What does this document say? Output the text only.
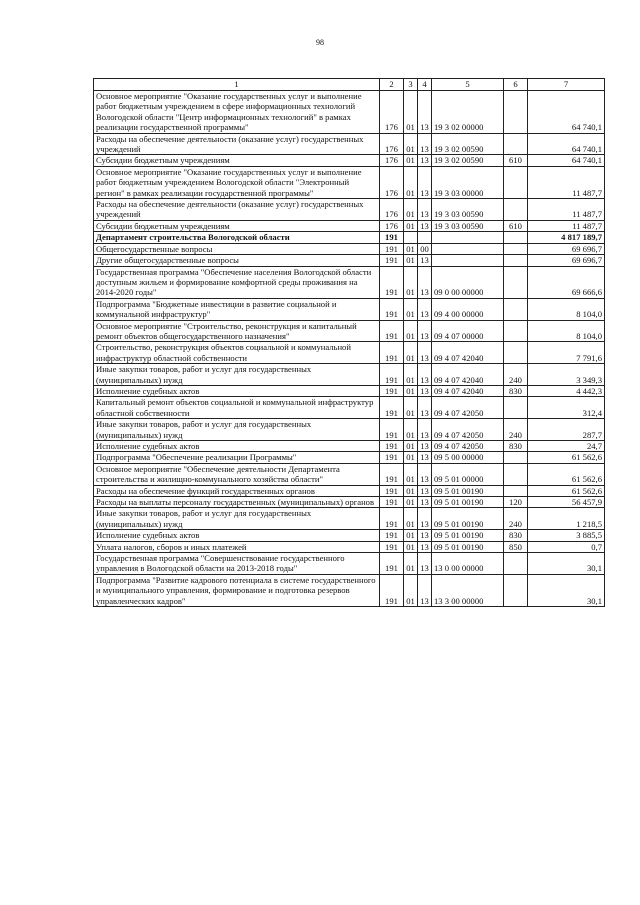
98
1	2	3	4	5	6	7
Основное мероприятие "Оказание государственных услуг и выполнение работ бюджетным учреждением в сфере информационных технологий Вологодской области "Центр информационных технологий" в рамках реализации государственной программы"	176	01	13	19 3 02 00000		64 740,1
Расходы на обеспечение деятельности (оказание услуг) государственных учреждений	176	01	13	19 3 02 00590		64 740,1
Субсидии бюджетным учреждениям	176	01	13	19 3 02 00590	610	64 740,1
Основное мероприятие "Оказание государственных услуг и выполнение работ бюджетным учреждением Вологодской области "Электронный регион" в рамках реализации государственной программы"	176	01	13	19 3 03 00000		11 487,7
Расходы на обеспечение деятельности (оказание услуг) государственных учреждений	176	01	13	19 3 03 00590		11 487,7
Субсидии бюджетным учреждениям	176	01	13	19 3 03 00590	610	11 487,7
Департамент строительства Вологодской области	191					4 817 189,7
Общегосударственные вопросы	191	01	00			69 696,7
Другие общегосударственные вопросы	191	01	13			69 696,7
Государственная программа "Обеспечение населения Вологодской области доступным жильем и формирование комфортной среды проживания на 2014-2020 годы"	191	01	13	09 0 00 00000		69 666,6
Подпрограмма "Бюджетные инвестиции в развитие социальной и коммунальной инфраструктур"	191	01	13	09 4 00 00000		8 104,0
Основное мероприятие "Строительство, реконструкция и капитальный ремонт объектов общегосударственного назначения"	191	01	13	09 4 07 00000		8 104,0
Строительство, реконструкция объектов социальной и коммунальной инфраструктур областной собственности	191	01	13	09 4 07 42040		7 791,6
Иные закупки товаров, работ и услуг для государственных (муниципальных) нужд	191	01	13	09 4 07 42040	240	3 349,3
Исполнение судебных актов	191	01	13	09 4 07 42040	830	4 442,3
Капитальный ремонт объектов социальной и коммунальной инфраструктур областной собственности	191	01	13	09 4 07 42050		312,4
Иные закупки товаров, работ и услуг для государственных (муниципальных) нужд	191	01	13	09 4 07 42050	240	287,7
Исполнение судебных актов	191	01	13	09 4 07 42050	830	24,7
Подпрограмма "Обеспечение реализации Программы"	191	01	13	09 5 00 00000		61 562,6
Основное мероприятие "Обеспечение деятельности Департамента строительства и жилищно-коммунального хозяйства области"	191	01	13	09 5 01 00000		61 562,6
Расходы на обеспечение функций государственных органов	191	01	13	09 5 01 00190		61 562,6
Расходы на выплаты персоналу государственных (муниципальных) органов	191	01	13	09 5 01 00190	120	56 457,9
Иные закупки товаров, работ и услуг для государственных (муниципальных) нужд	191	01	13	09 5 01 00190	240	1 218,5
Исполнение судебных актов	191	01	13	09 5 01 00190	830	3 885,5
Уплата налогов, сборов и иных платежей	191	01	13	09 5 01 00190	850	0,7
Государственная программа "Совершенствование государственного управления в Вологодской области на 2013-2018 годы"	191	01	13	13 0 00 00000		30,1
Подпрограмма "Развитие кадрового потенциала в системе государственного и муниципального управления, формирование и подготовка резервов управленческих кадров"	191	01	13	13 3 00 00000		30,1
